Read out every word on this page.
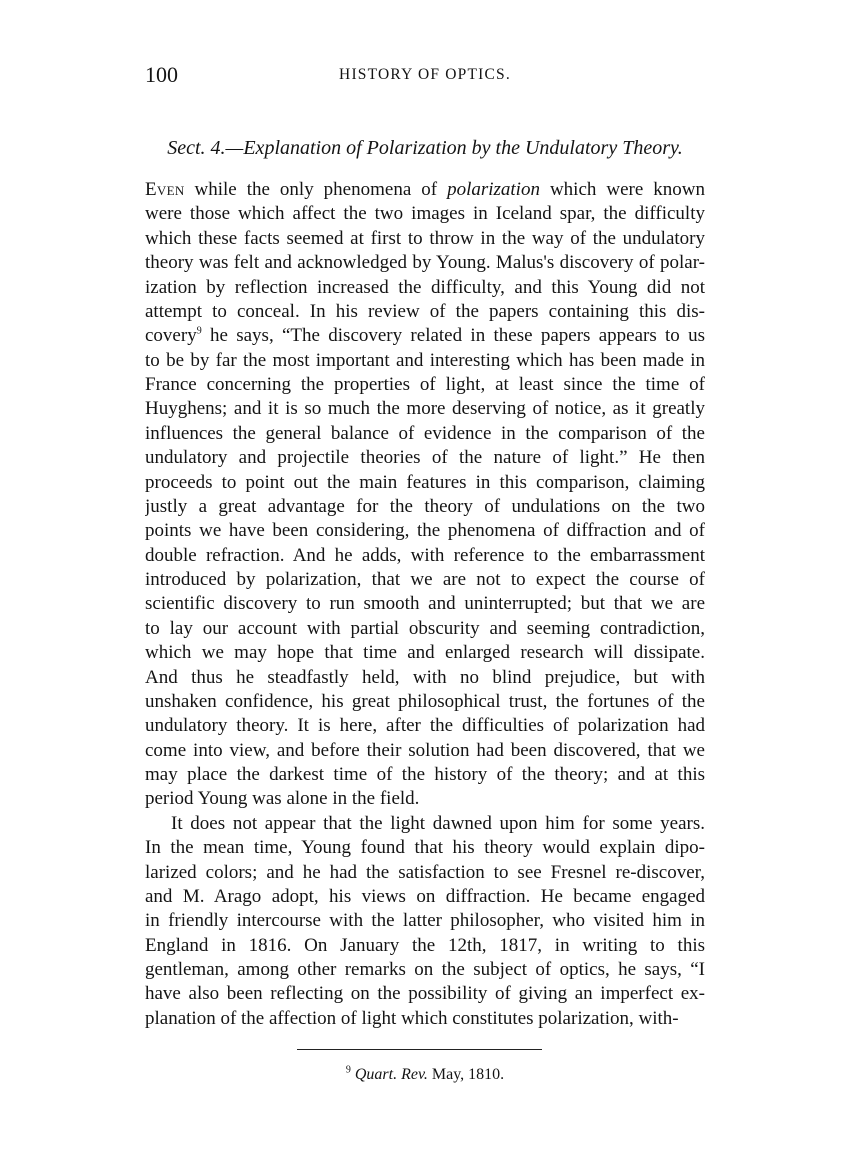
100	HISTORY OF OPTICS.
Sect. 4.—Explanation of Polarization by the Undulatory Theory.
Even while the only phenomena of polarization which were known
were those which affect the two images in Iceland spar, the difficulty
which these facts seemed at first to throw in the way of the undulatory
theory was felt and acknowledged by Young. Malus's discovery of polar-
ization by reflection increased the difficulty, and this Young did not
attempt to conceal. In his review of the papers containing this dis-
covery$^9$ he says, “The discovery related in these papers appears to us
to be by far the most important and interesting which has been made in
France concerning the properties of light, at least since the time of
Huyghens; and it is so much the more deserving of notice, as it greatly
influences the general balance of evidence in the comparison of the
undulatory and projectile theories of the nature of light.” He then
proceeds to point out the main features in this comparison, claiming
justly a great advantage for the theory of undulations on the two
points we have been considering, the phenomena of diffraction and of
double refraction. And he adds, with reference to the embarrassment
introduced by polarization, that we are not to expect the course of
scientific discovery to run smooth and uninterrupted; but that we are
to lay our account with partial obscurity and seeming contradiction,
which we may hope that time and enlarged research will dissipate.
And thus he steadfastly held, with no blind prejudice, but with
unshaken confidence, his great philosophical trust, the fortunes of the
undulatory theory. It is here, after the difficulties of polarization had
come into view, and before their solution had been discovered, that we
may place the darkest time of the history of the theory; and at this
period Young was alone in the field.
It does not appear that the light dawned upon him for some years.
In the mean time, Young found that his theory would explain dipo-
larized colors; and he had the satisfaction to see Fresnel re-discover,
and M. Arago adopt, his views on diffraction. He became engaged
in friendly intercourse with the latter philosopher, who visited him in
England in 1816. On January the 12th, 1817, in writing to this
gentleman, among other remarks on the subject of optics, he says, “I
have also been reflecting on the possibility of giving an imperfect ex-
planation of the affection of light which constitutes polarization, with-
$^9$ Quart. Rev. May, 1810.
